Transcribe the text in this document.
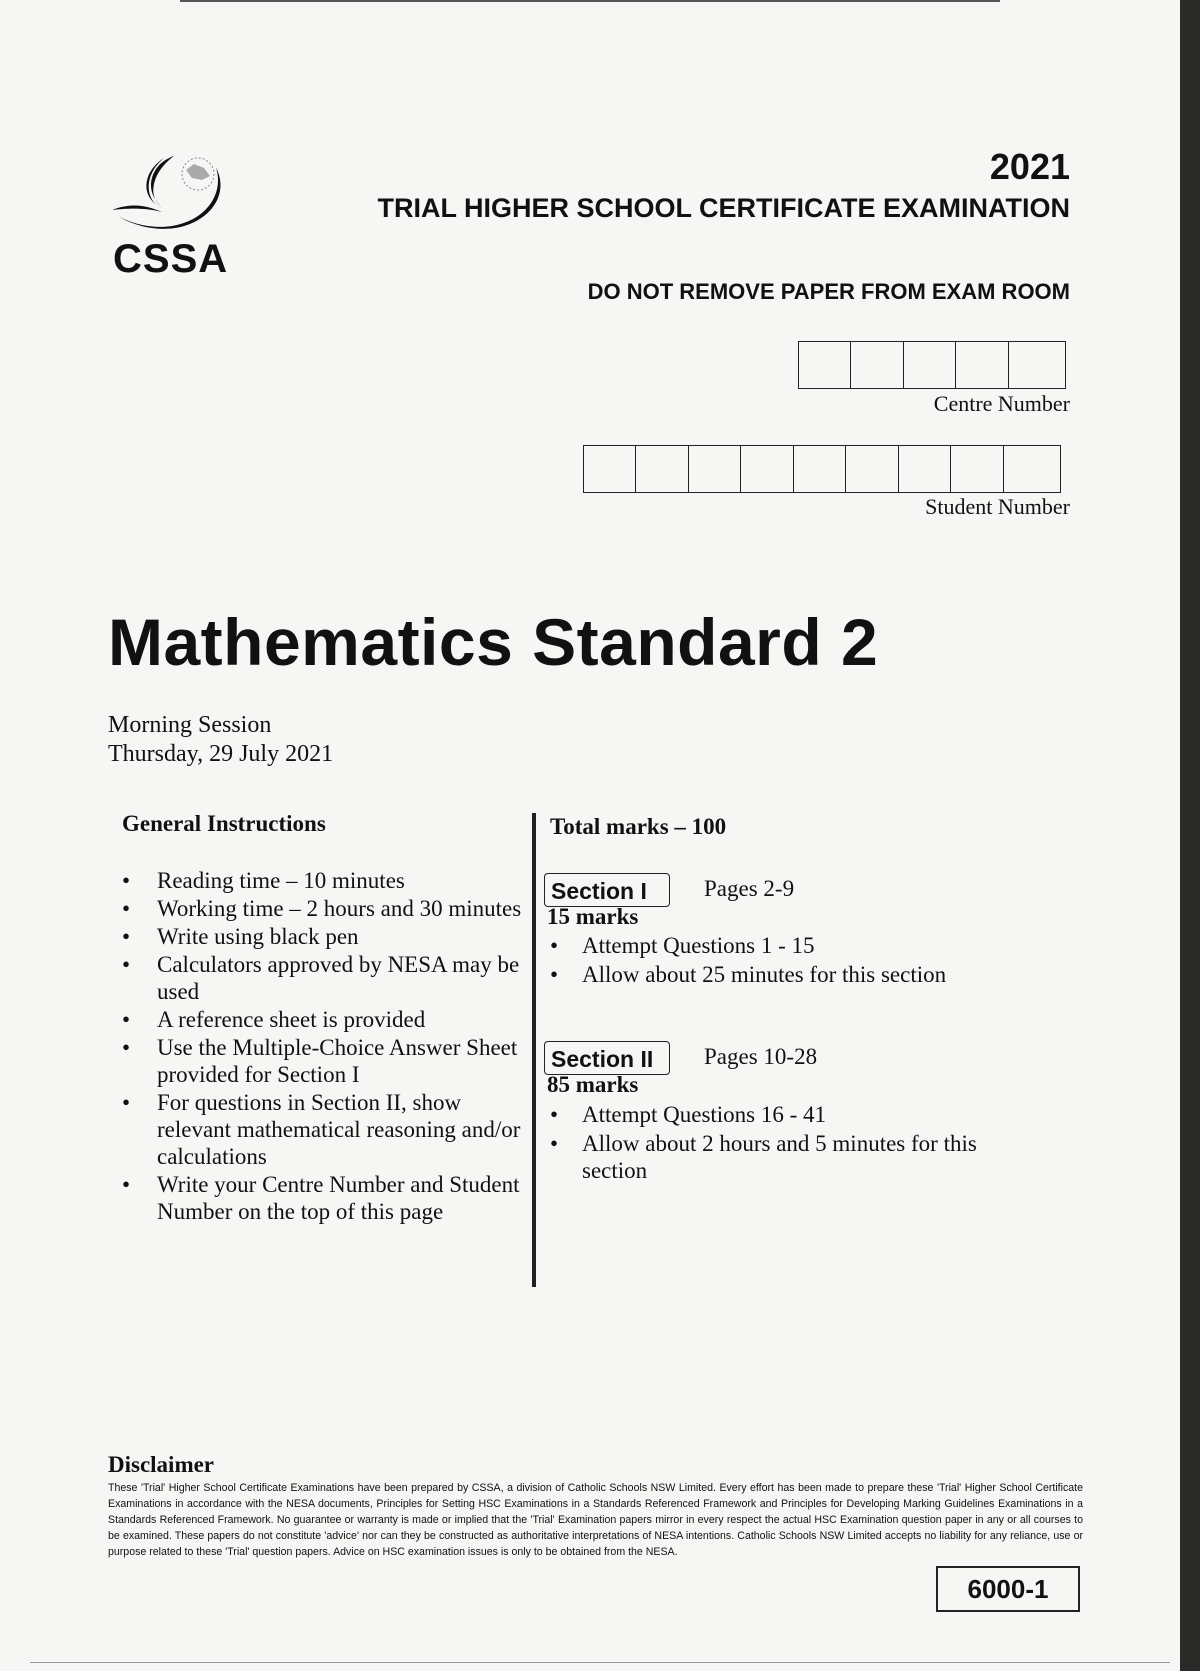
CSSA
2021
TRIAL HIGHER SCHOOL CERTIFICATE EXAMINATION
DO NOT REMOVE PAPER FROM EXAM ROOM
Centre Number
Student Number
Mathematics Standard 2
Morning Session
Thursday, 29 July 2021
General Instructions
• Reading time – 10 minutes
• Working time – 2 hours and 30 minutes
• Write using black pen
• Calculators approved by NESA may be used
• A reference sheet is provided
• Use the Multiple-Choice Answer Sheet provided for Section I
• For questions in Section II, show relevant mathematical reasoning and/or calculations
• Write your Centre Number and Student Number on the top of this page
Total marks – 100
Section I	Pages 2-9
15 marks
• Attempt Questions 1 - 15
• Allow about 25 minutes for this section
Section II	Pages 10-28
85 marks
• Attempt Questions 16 - 41
• Allow about 2 hours and 5 minutes for this section
Disclaimer
These 'Trial' Higher School Certificate Examinations have been prepared by CSSA, a division of Catholic Schools NSW Limited. Every effort has been made to prepare these 'Trial' Higher School Certificate Examinations in accordance with the NESA documents, Principles for Setting HSC Examinations in a Standards Referenced Framework and Principles for Developing Marking Guidelines Examinations in a Standards Referenced Framework. No guarantee or warranty is made or implied that the 'Trial' Examination papers mirror in every respect the actual HSC Examination question paper in any or all courses to be examined. These papers do not constitute 'advice' nor can they be constructed as authoritative interpretations of NESA intentions. Catholic Schools NSW Limited accepts no liability for any reliance, use or purpose related to these 'Trial' question papers. Advice on HSC examination issues is only to be obtained from the NESA.
6000-1
